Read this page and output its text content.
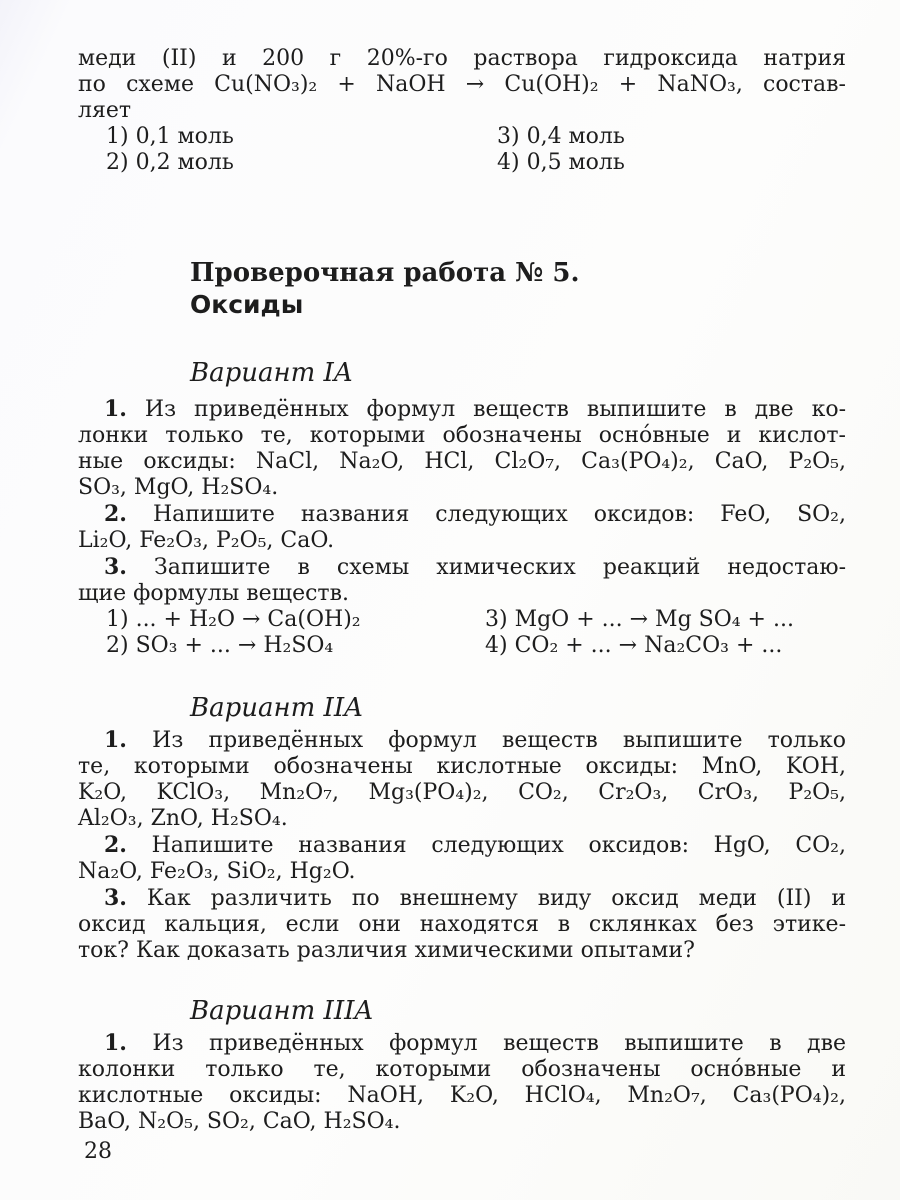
меди (II) и 200 г 20%-го раствора гидроксида натрия
по схеме Cu(NO₃)₂ + NaOH → Cu(OH)₂ + NaNO₃, состав-
ляет
1) 0,1 моль	3) 0,4 моль
2) 0,2 моль	4) 0,5 моль
Проверочная работа № 5.
Оксиды
Вариант IA
1. Из приведённых формул веществ выпишите в две ко-
лонки только те, которыми обозначены осно́вные и кислот-
ные оксиды: NaCl, Na₂O, HCl, Cl₂O₇, Ca₃(PO₄)₂, CaO, P₂O₅,
SO₃, MgO, H₂SO₄.
2. Напишите названия следующих оксидов: FeO, SO₂,
Li₂O, Fe₂O₃, P₂O₅, CaO.
3. Запишите в схемы химических реакций недостаю-
щие формулы веществ.
1) ... + H₂O → Ca(OH)₂	3) MgO + ... → Mg SO₄ + ...
2) SO₃ + ... → H₂SO₄	4) CO₂ + ... → Na₂CO₃ + ...
Вариант IIA
1. Из приведённых формул веществ выпишите только
те, которыми обозначены кислотные оксиды: MnO, KOH,
K₂O, KClO₃, Mn₂O₇, Mg₃(PO₄)₂, CO₂, Cr₂O₃, CrO₃, P₂O₅,
Al₂O₃, ZnO, H₂SO₄.
2. Напишите названия следующих оксидов: HgO, CO₂,
Na₂O, Fe₂O₃, SiO₂, Hg₂O.
3. Как различить по внешнему виду оксид меди (II) и
оксид кальция, если они находятся в склянках без этике-
ток? Как доказать различия химическими опытами?
Вариант IIIA
1. Из приведённых формул веществ выпишите в две
колонки только те, которыми обозначены осно́вные и
кислотные оксиды: NaOH, K₂O, HClO₄, Mn₂O₇, Ca₃(PO₄)₂,
BaO, N₂O₅, SO₂, CaO, H₂SO₄.
28
